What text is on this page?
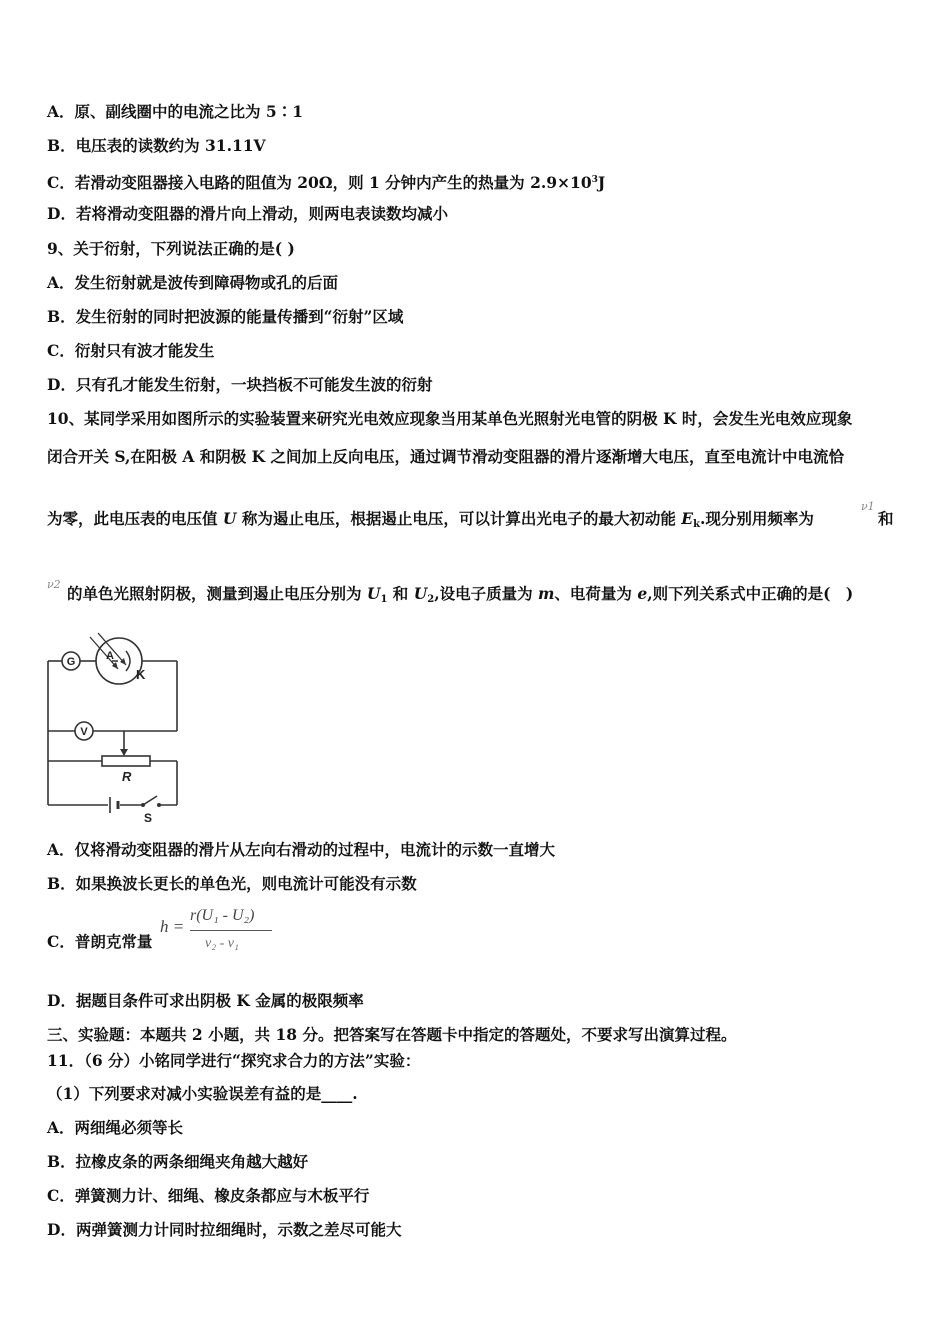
A．原、副线圈中的电流之比为 5∶1
B．电压表的读数约为 31.11V
C．若滑动变阻器接入电路的阻值为 20Ω，则 1 分钟内产生的热量为 $2.9\times 10^3J$
D．若将滑动变阻器的滑片向上滑动，则两电表读数均减小
9、关于衍射，下列说法正确的是( )
A．发生衍射就是波传到障碍物或孔的后面
B．发生衍射的同时把波源的能量传播到“衍射”区域
C．衍射只有波才能发生
D．只有孔才能发生衍射，一块挡板不可能发生波的衍射
10、某同学采用如图所示的实验装置来研究光电效应现象当用某单色光照射光电管的阴极 K 时，会发生光电效应现象
闭合开关 S,在阳极 A 和阴极 K 之间加上反向电压，通过调节滑动变阻器的滑片逐渐增大电压，直至电流计中电流恰
为零，此电压表的电压值 U 称为遏止电压，根据遏止电压，可以计算出光电子的最大初动能 $E_k$.现分别用频率为
ν1
和
ν2 的单色光照射阴极，测量到遏止电压分别为 $U_1$ 和 $U_2$,设电子质量为 m、电荷量为 e,则下列关系式中正确的是(　)
G	A
K
V
R
S
A．仅将滑动变阻器的滑片从左向右滑动的过程中，电流计的示数一直增大
B．如果换波长更长的单色光，则电流计可能没有示数
C．普朗克常量
h =
r(U₁ - U₂)
ν₂ - ν₁
D．据题目条件可求出阴极 K 金属的极限频率
三、实验题：本题共 2 小题，共 18 分。把答案写在答题卡中指定的答题处，不要求写出演算过程。
11．（6 分）小铭同学进行“探究求合力的方法”实验：
（1）下列要求对减小实验误差有益的是____.
A．两细绳必须等长
B．拉橡皮条的两条细绳夹角越大越好
C．弹簧测力计、细绳、橡皮条都应与木板平行
D．两弹簧测力计同时拉细绳时，示数之差尽可能大
